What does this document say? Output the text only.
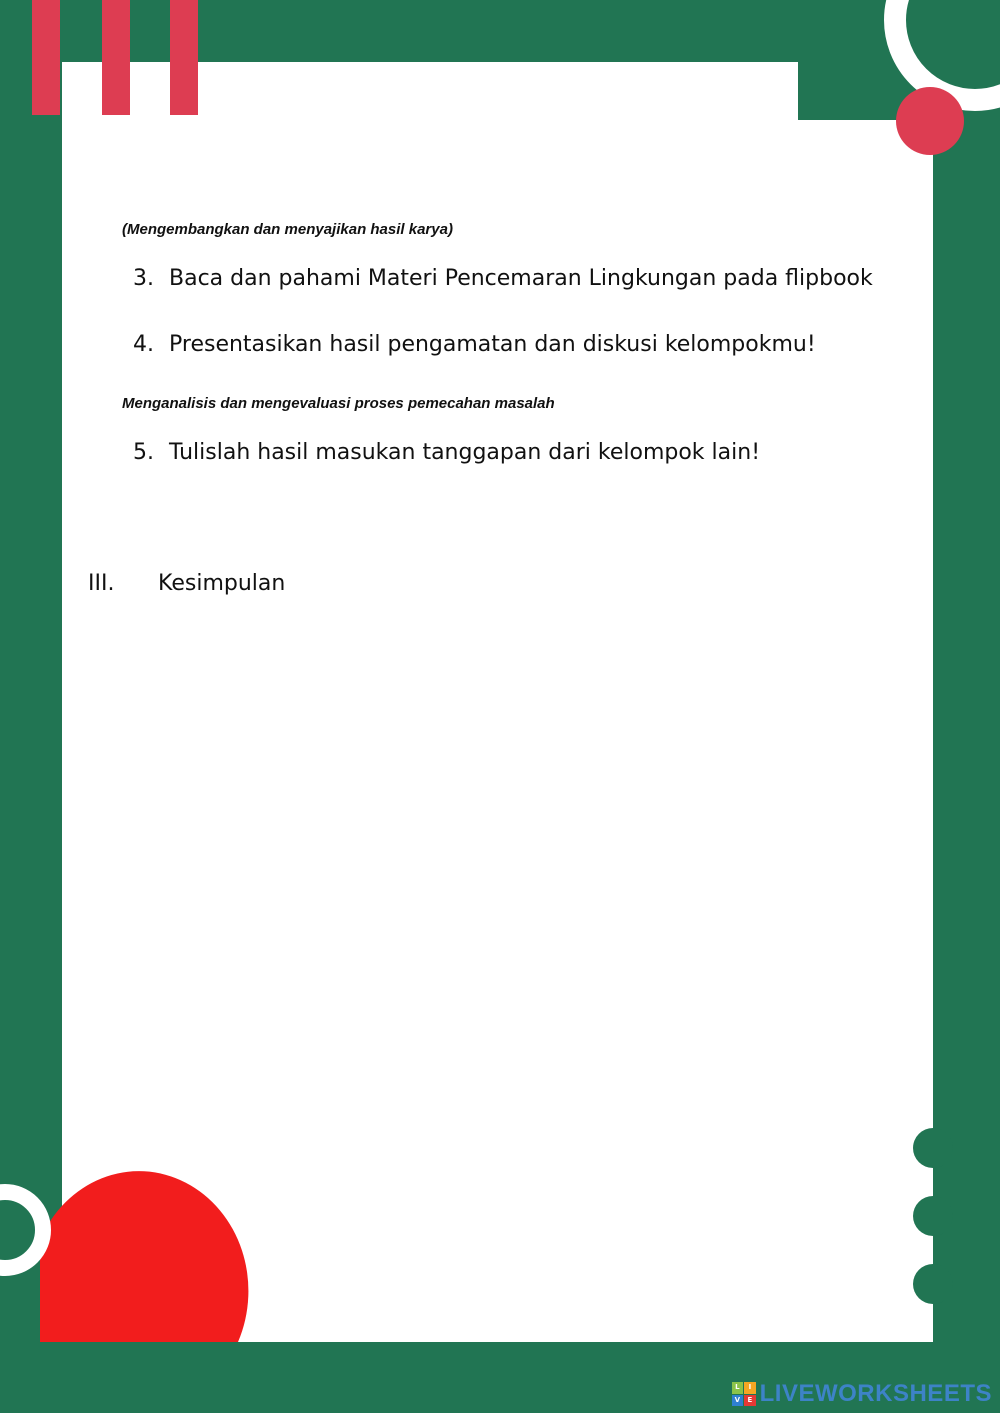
(Mengembangkan dan menyajikan hasil karya)
3. Baca dan pahami Materi Pencemaran Lingkungan pada flipbook
4. Presentasikan hasil pengamatan dan diskusi kelompokmu!
Menganalisis dan mengevaluasi proses pemecahan masalah
5. Tulislah hasil masukan tanggapan dari kelompok lain!
III. Kesimpulan
L	I
V	E LIVEWORKSHEETS
